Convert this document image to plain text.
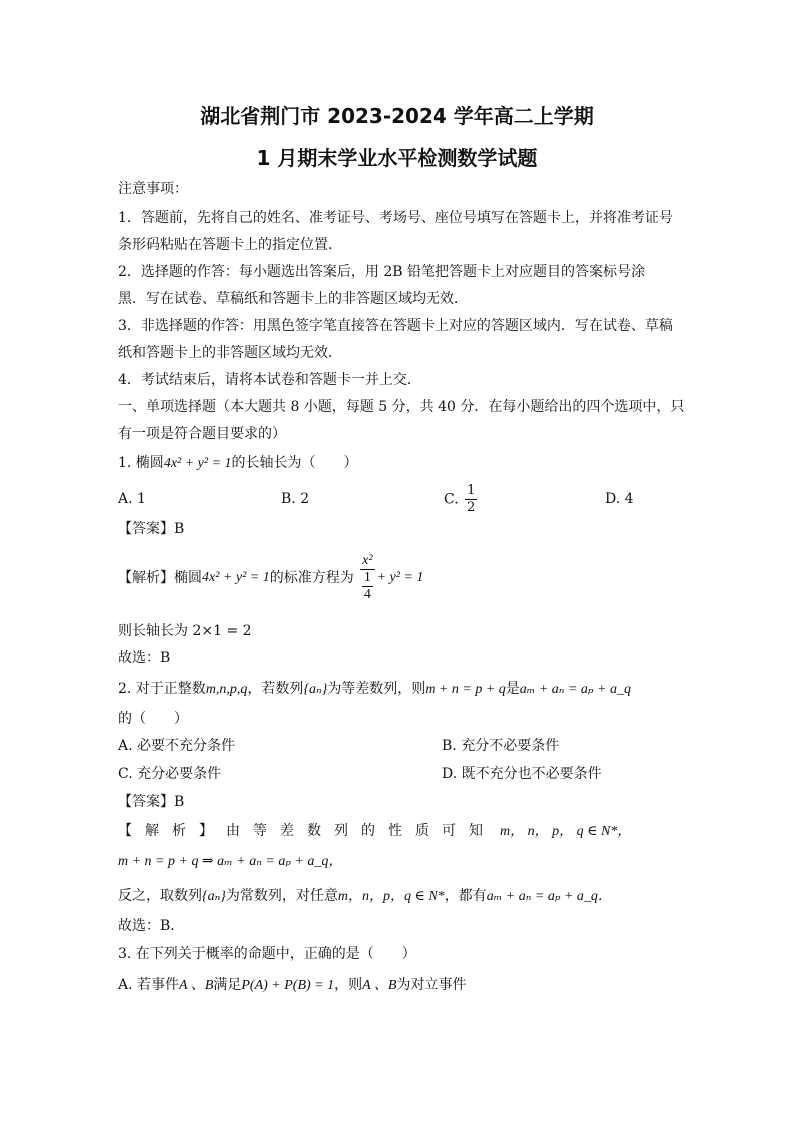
湖北省荆门市 2023-2024 学年高二上学期
1 月期末学业水平检测数学试题
注意事项：
1．答题前，先将自己的姓名、准考证号、考场号、座位号填写在答题卡上，并将准考证号
条形码粘贴在答题卡上的指定位置．
2．选择题的作答：每小题选出答案后，用 2B 铅笔把答题卡上对应题目的答案标号涂
黑．写在试卷、草稿纸和答题卡上的非答题区域均无效．
3．非选择题的作答：用黑色签字笔直接答在答题卡上对应的答题区域内．写在试卷、草稿
纸和答题卡上的非答题区域均无效．
4．考试结束后，请将本试卷和答题卡一并上交．
一、单项选择题（本大题共 8 小题，每题 5 分，共 40 分．在每小题给出的四个选项中，只
有一项是符合题目要求的）
1. 椭圆4x² + y² = 1的长轴长为（　　）
A. 1	B. 2	C. $\frac{1}{2}$	D. 4
【答案】B
【解析】椭圆4x² + y² = 1的标准方程为 $\frac{\text{x²}}{\frac{1}{4}} + y^2 = 1$
则长轴长为 2×1 = 2
故选：B
2. 对于正整数m,n,p,q，若数列{aₙ}为等差数列，则m + n = p + q是aₘ + aₙ = aₚ + a_q
的（　　）
A. 必要不充分条件	B. 充分不必要条件
C. 充分必要条件	D. 既不充分也不必要条件
【答案】B
【解析】由等差数列的性质可知 m， n， p， q ∈ N*，
m + n = p + q ⇒ aₘ + aₙ = aₚ + a_q，
反之，取数列{aₙ}为常数列，对任意m，n，p，q ∈ N*，都有aₘ + aₙ = aₚ + a_q．
故选：B．
3. 在下列关于概率的命题中，正确的是（　　）
A. 若事件A 、B满足P(A) + P(B) = 1，则A 、B为对立事件
